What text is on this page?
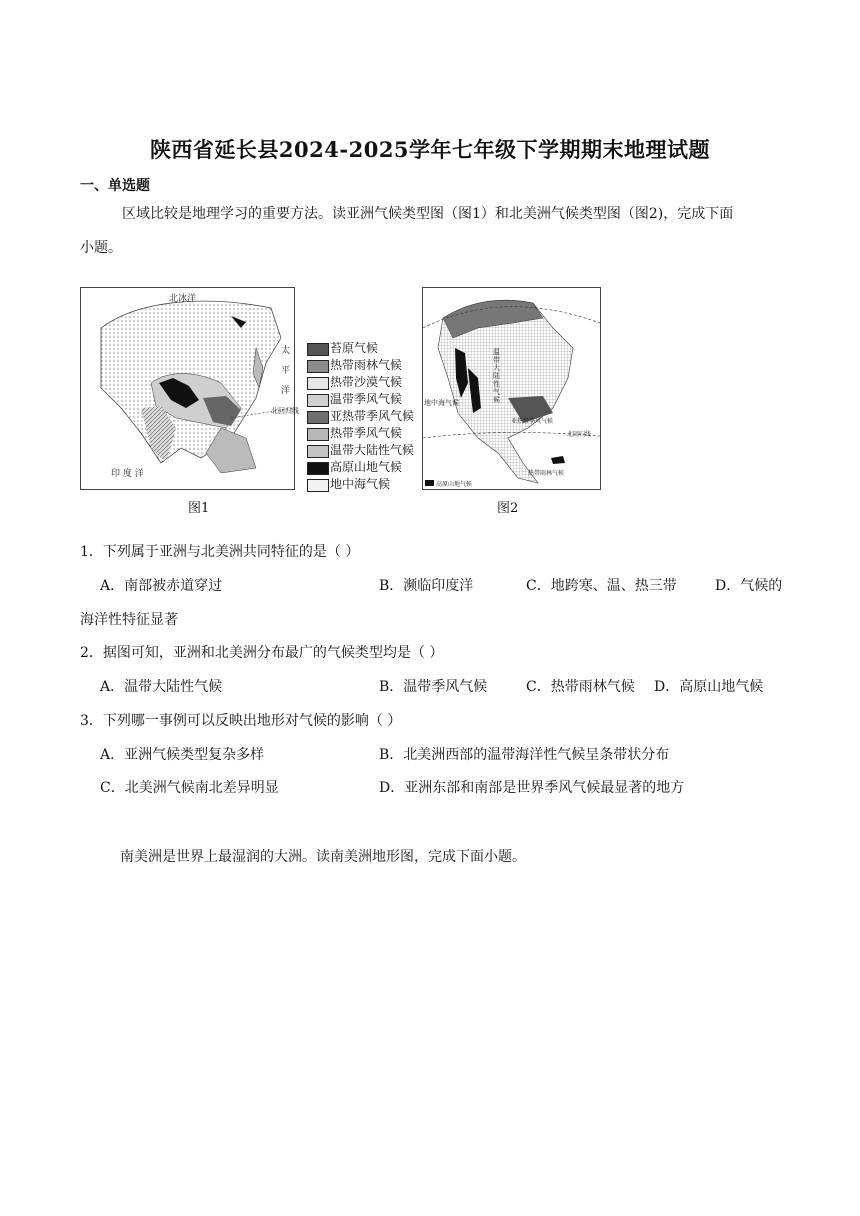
陕西省延长县2024-2025学年七年级下学期期末地理试题
一、单选题
区域比较是地理学习的重要方法。读亚洲气候类型图（图1）和北美洲气候类型图（图2)，完成下面
小题。
北冰洋
太
平
洋
印 度 洋
北回归线
苔原气候
热带雨林气候
热带沙漠气候
温带季风气候
亚热带季风气候
热带季风气候
温带大陆性气候
高原山地气候
地中海气候
图1
温带大陆性气候
地中海气候
亚热带季风气候
北回归线
热带雨林气候
高原山地气候
图2
1．下列属于亚洲与北美洲共同特征的是（ ）
A．南部被赤道穿过	B．濒临印度洋	C．地跨寒、温、热三带	D．气候的
海洋性特征显著
2．据图可知，亚洲和北美洲分布最广的气候类型均是（ ）
A．温带大陆性气候	B．温带季风气候	C．热带雨林气候 D．高原山地气候
3．下列哪一事例可以反映出地形对气候的影响（ ）
A．亚洲气候类型复杂多样	B．北美洲西部的温带海洋性气候呈条带状分布
C．北美洲气候南北差异明显	D．亚洲东部和南部是世界季风气候最显著的地方
南美洲是世界上最湿润的大洲。读南美洲地形图，完成下面小题。
